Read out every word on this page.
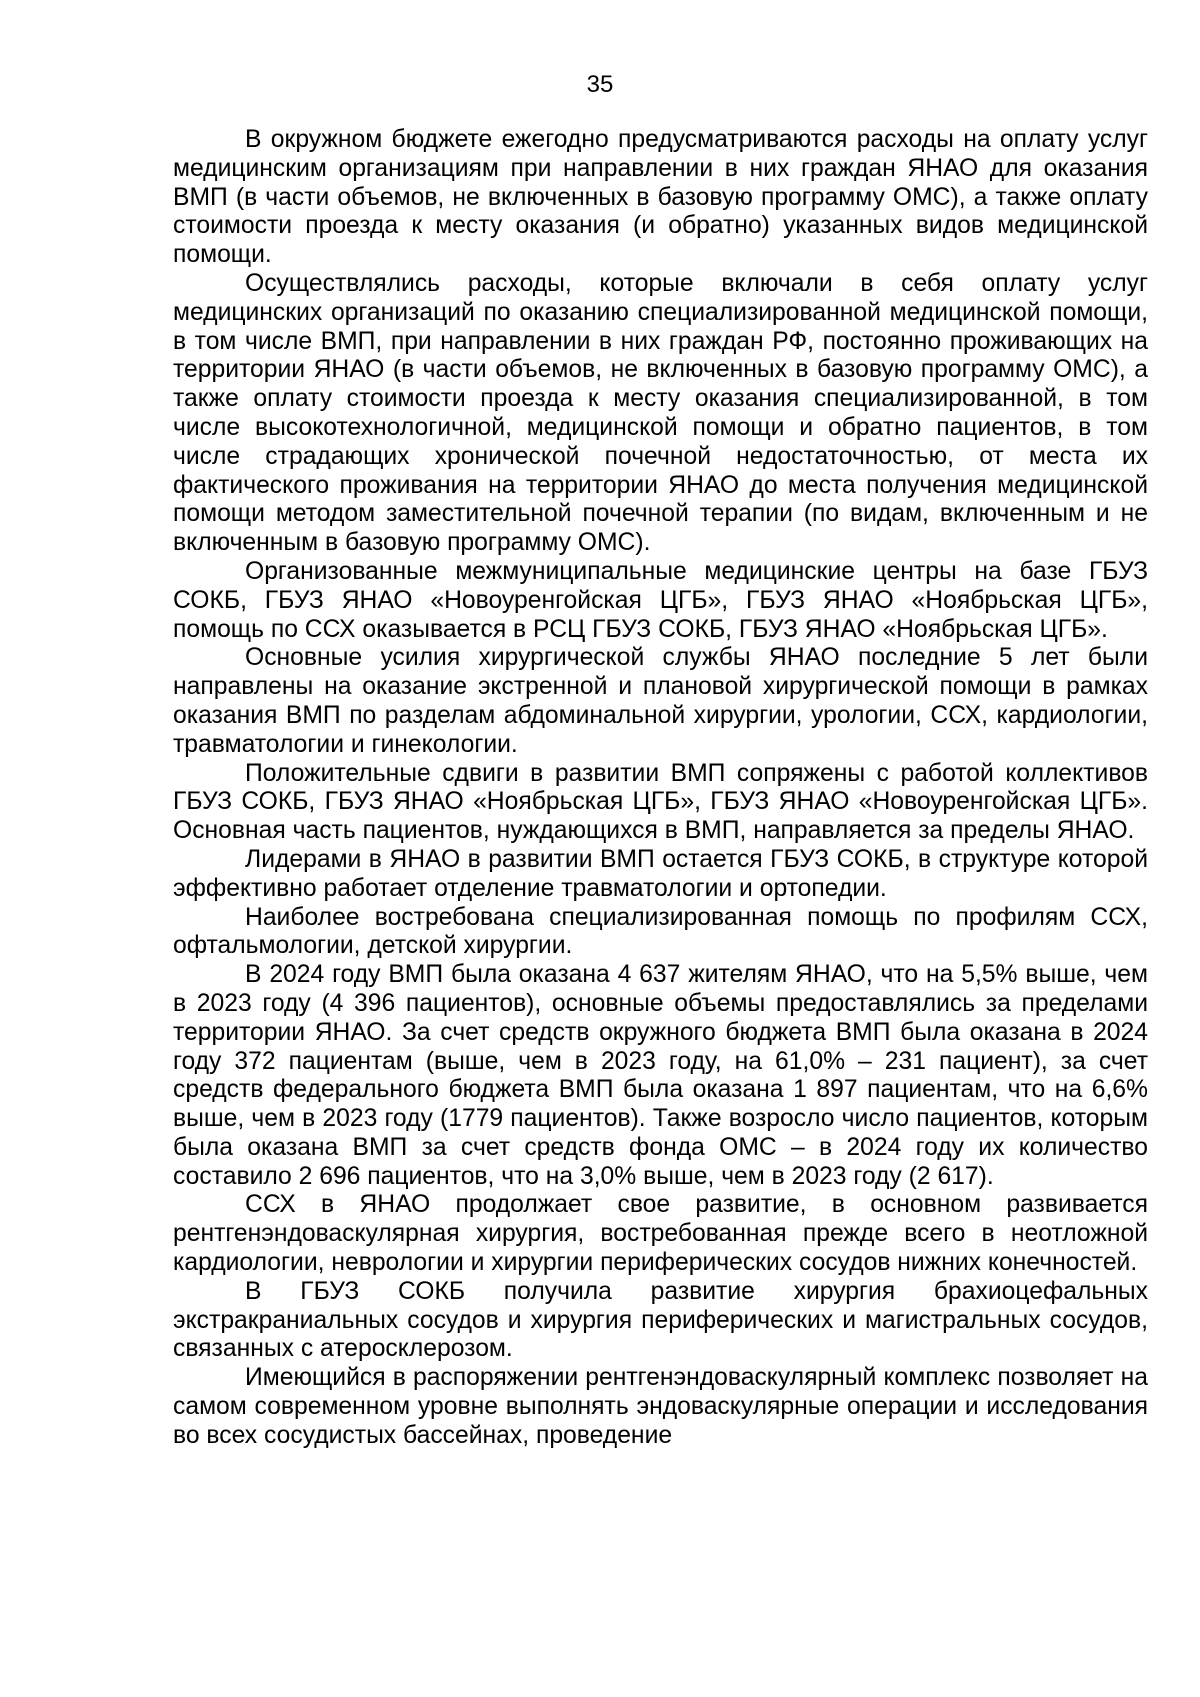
35

В окружном бюджете ежегодно предусматриваются расходы на оплату услуг медицинским организациям при направлении в них граждан ЯНАО для оказания ВМП (в части объемов, не включенных в базовую программу ОМС), а также оплату стоимости проезда к месту оказания (и обратно) указанных видов медицинской помощи.

Осуществлялись расходы, которые включали в себя оплату услуг медицинских организаций по оказанию специализированной медицинской помощи, в том числе ВМП, при направлении в них граждан РФ, постоянно проживающих на территории ЯНАО (в части объемов, не включенных в базовую программу ОМС), а также оплату стоимости проезда к месту оказания специализированной, в том числе высокотехнологичной, медицинской помощи и обратно пациентов, в том числе страдающих хронической почечной недостаточностью, от места их фактического проживания на территории ЯНАО до места получения медицинской помощи методом заместительной почечной терапии (по видам, включенным и не включенным в базовую программу ОМС).

Организованные межмуниципальные медицинские центры на базе ГБУЗ СОКБ, ГБУЗ ЯНАО «Новоуренгойская ЦГБ», ГБУЗ ЯНАО «Ноябрьская ЦГБ», помощь по ССХ оказывается в РСЦ ГБУЗ СОКБ, ГБУЗ ЯНАО «Ноябрьская ЦГБ».

Основные усилия хирургической службы ЯНАО последние 5 лет были направлены на оказание экстренной и плановой хирургической помощи в рамках оказания ВМП по разделам абдоминальной хирургии, урологии, ССХ, кардиологии, травматологии и гинекологии.

Положительные сдвиги в развитии ВМП сопряжены с работой коллективов ГБУЗ СОКБ, ГБУЗ ЯНАО «Ноябрьская ЦГБ», ГБУЗ ЯНАО «Новоуренгойская ЦГБ». Основная часть пациентов, нуждающихся в ВМП, направляется за пределы ЯНАО.

Лидерами в ЯНАО в развитии ВМП остается ГБУЗ СОКБ, в структуре которой эффективно работает отделение травматологии и ортопедии.

Наиболее востребована специализированная помощь по профилям ССХ, офтальмологии, детской хирургии.

В 2024 году ВМП была оказана 4 637 жителям ЯНАО, что на 5,5% выше, чем в 2023 году (4 396 пациентов), основные объемы предоставлялись за пределами территории ЯНАО. За счет средств окружного бюджета ВМП была оказана в 2024 году 372 пациентам (выше, чем в 2023 году, на 61,0% – 231 пациент), за счет средств федерального бюджета ВМП была оказана 1 897 пациентам, что на 6,6% выше, чем в 2023 году (1779 пациентов). Также возросло число пациентов, которым была оказана ВМП за счет средств фонда ОМС – в 2024 году их количество составило 2 696 пациентов, что на 3,0% выше, чем в 2023 году (2 617).

ССХ в ЯНАО продолжает свое развитие, в основном развивается рентгенэндоваскулярная хирургия, востребованная прежде всего в неотложной кардиологии, неврологии и хирургии периферических сосудов нижних конечностей.

В ГБУЗ СОКБ получила развитие хирургия брахиоцефальных экстракраниальных сосудов и хирургия периферических и магистральных сосудов, связанных с атеросклерозом.

Имеющийся в распоряжении рентгенэндоваскулярный комплекс позволяет на самом современном уровне выполнять эндоваскулярные операции и исследования во всех сосудистых бассейнах, проведение
